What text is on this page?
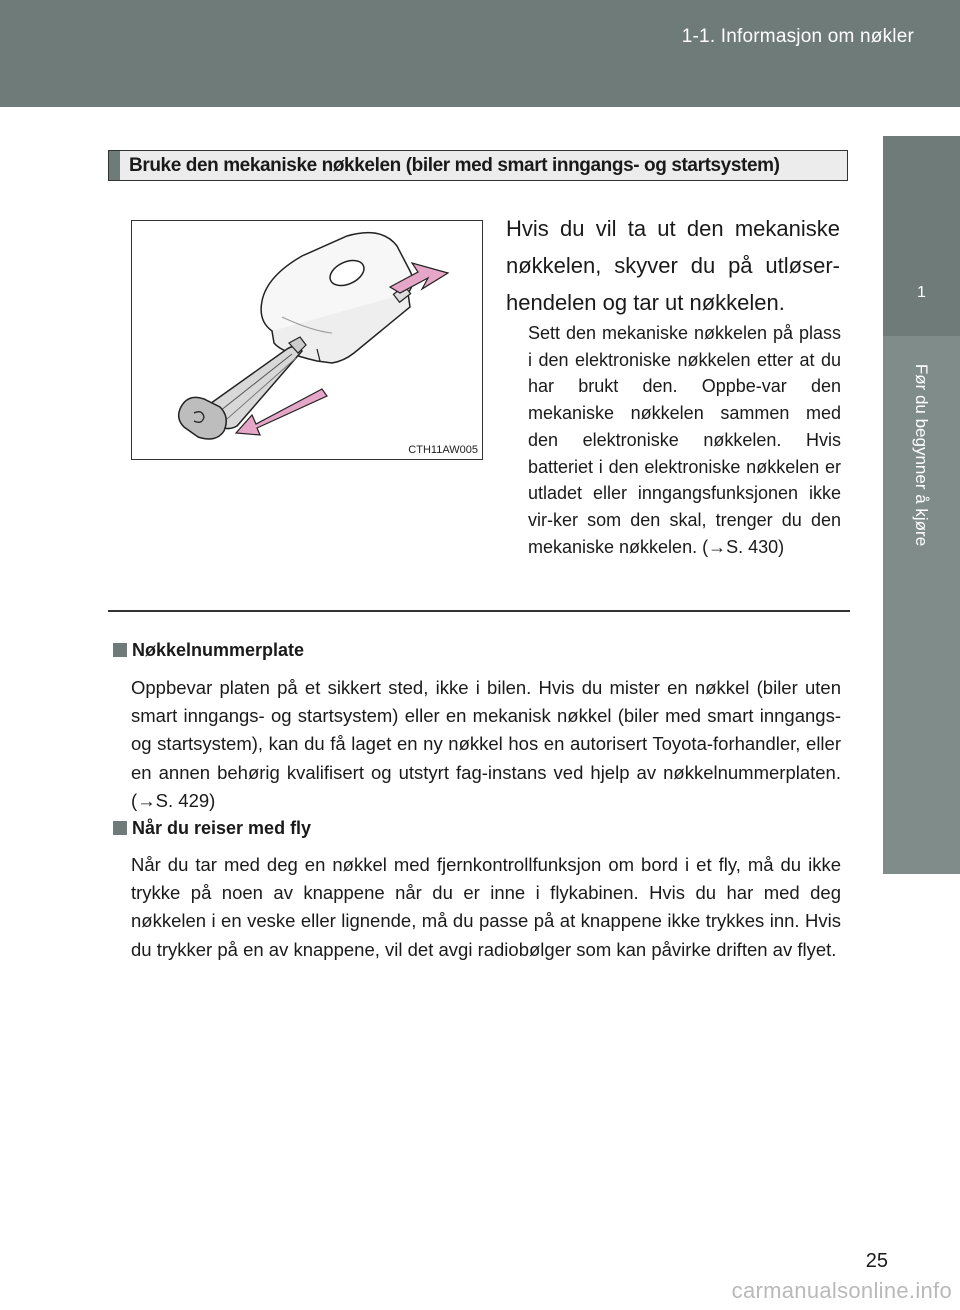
1-1. Informasjon om nøkler
1
Før du begynner å kjøre
Bruke den mekaniske nøkkelen (biler med smart inngangs- og startsystem)
CTH11AW005
Hvis du vil ta ut den mekaniske nøkkelen, skyver du på utløser-hendelen og tar ut nøkkelen.
Sett den mekaniske nøkkelen på plass i den elektroniske nøkkelen etter at du har brukt den. Oppbe-var den mekaniske nøkkelen sammen med den elektroniske nøkkelen. Hvis batteriet i den elektroniske nøkkelen er utladet eller inngangsfunksjonen ikke vir-ker som den skal, trenger du den mekaniske nøkkelen. (→S. 430)
Nøkkelnummerplate
Oppbevar platen på et sikkert sted, ikke i bilen. Hvis du mister en nøkkel (biler uten smart inngangs- og startsystem) eller en mekanisk nøkkel (biler med smart inngangs- og startsystem), kan du få laget en ny nøkkel hos en autorisert Toyota-forhandler, eller en annen behørig kvalifisert og utstyrt fag-instans ved hjelp av nøkkelnummerplaten. (→S. 429)
Når du reiser med fly
Når du tar med deg en nøkkel med fjernkontrollfunksjon om bord i et fly, må du ikke trykke på noen av knappene når du er inne i flykabinen. Hvis du har med deg nøkkelen i en veske eller lignende, må du passe på at knappene ikke trykkes inn. Hvis du trykker på en av knappene, vil det avgi radiobølger som kan påvirke driften av flyet.
25
carmanualsonline.info
